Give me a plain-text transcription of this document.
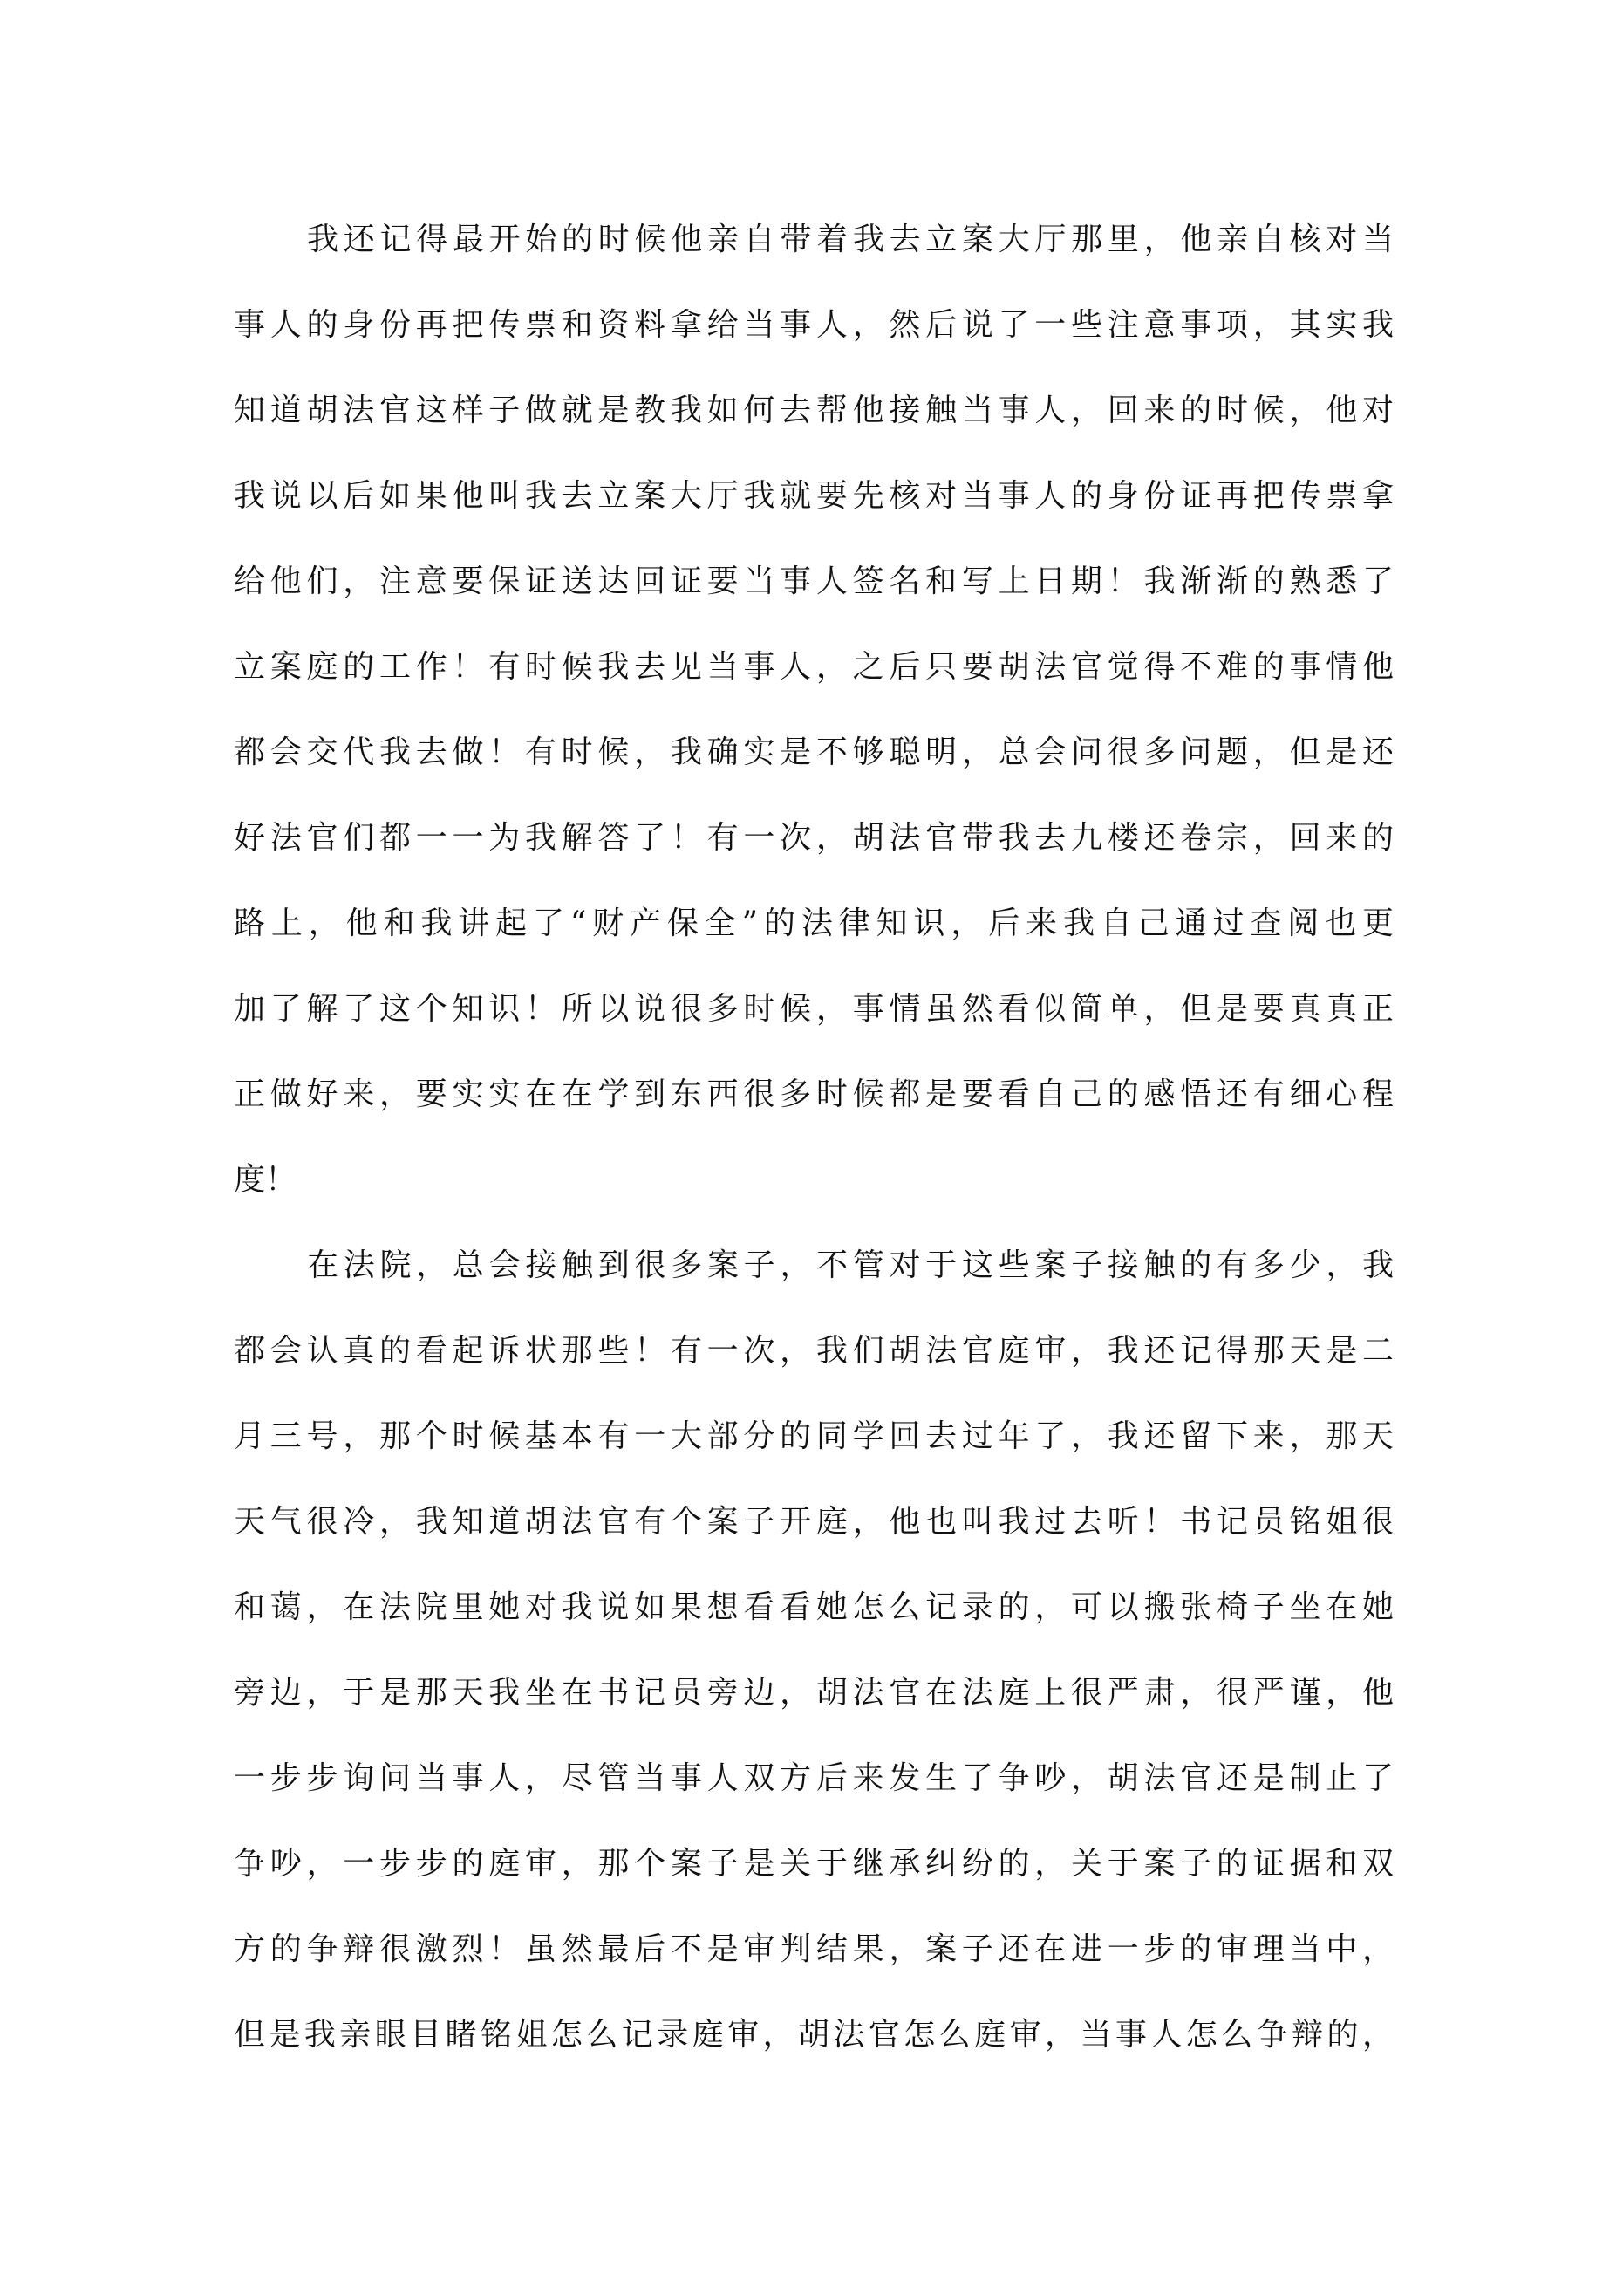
我还记得最开始的时候他亲自带着我去立案大厅那里，他亲自核对当
事人的身份再把传票和资料拿给当事人，然后说了一些注意事项，其实我
知道胡法官这样子做就是教我如何去帮他接触当事人，回来的时候，他对
我说以后如果他叫我去立案大厅我就要先核对当事人的身份证再把传票拿
给他们，注意要保证送达回证要当事人签名和写上日期！我渐渐的熟悉了
立案庭的工作！有时候我去见当事人，之后只要胡法官觉得不难的事情他
都会交代我去做！有时候，我确实是不够聪明，总会问很多问题，但是还
好法官们都一一为我解答了！有一次，胡法官带我去九楼还卷宗，回来的
路上，他和我讲起了“财产保全”的法律知识，后来我自己通过查阅也更
加了解了这个知识！所以说很多时候，事情虽然看似简单，但是要真真正
正做好来，要实实在在学到东西很多时候都是要看自己的感悟还有细心程
度！
在法院，总会接触到很多案子，不管对于这些案子接触的有多少，我
都会认真的看起诉状那些！有一次，我们胡法官庭审，我还记得那天是二
月三号，那个时候基本有一大部分的同学回去过年了，我还留下来，那天
天气很冷，我知道胡法官有个案子开庭，他也叫我过去听！书记员铭姐很
和蔼，在法院里她对我说如果想看看她怎么记录的，可以搬张椅子坐在她
旁边，于是那天我坐在书记员旁边，胡法官在法庭上很严肃，很严谨，他
一步步询问当事人，尽管当事人双方后来发生了争吵，胡法官还是制止了
争吵，一步步的庭审，那个案子是关于继承纠纷的，关于案子的证据和双
方的争辩很激烈！虽然最后不是审判结果，案子还在进一步的审理当中，
但是我亲眼目睹铭姐怎么记录庭审，胡法官怎么庭审，当事人怎么争辩的，
